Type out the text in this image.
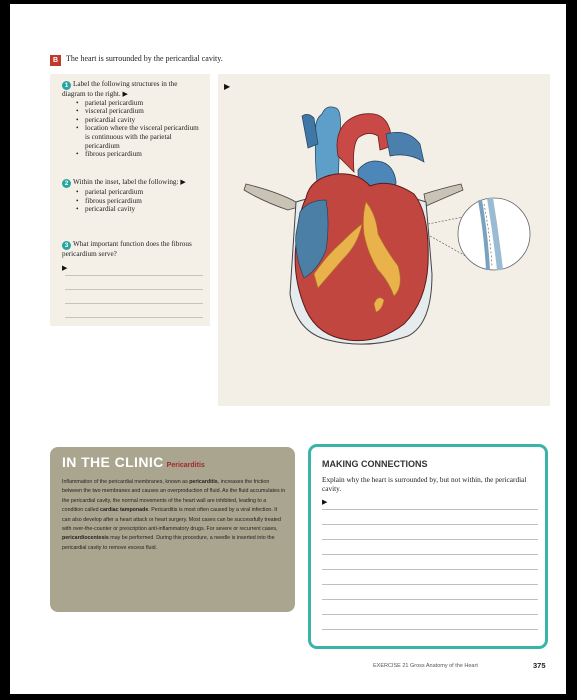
B The heart is surrounded by the pericardial cavity.
1 Label the following structures in the diagram to the right. ▶
• parietal pericardium
• visceral pericardium
• pericardial cavity
• location where the visceral pericardium is continuous with the parietal pericardium
• fibrous pericardium
2 Within the inset, label the following: ▶
• parietal pericardium
• fibrous pericardium
• pericardial cavity
3 What important function does the fibrous pericardium serve?
▶
▶
IN THE CLINIC Pericarditis
Inflammation of the pericardial membranes, known as pericarditis, increases the friction between the two membranes and causes an overproduction of fluid. As the fluid accumulates in the pericardial cavity, the normal movements of the heart wall are inhibited, leading to a condition called cardiac tamponade. Pericarditis is most often caused by a viral infection. It can also develop after a heart attack or heart surgery. Most cases can be successfully treated with over-the-counter or prescription anti-inflammatory drugs. For severe or recurrent cases, pericardiocentesis may be performed. During this procedure, a needle is inserted into the pericardial cavity to remove excess fluid.
MAKING CONNECTIONS
Explain why the heart is surrounded by, but not within, the pericardial cavity.
▶
EXERCISE 21 Gross Anatomy of the Heart	375
